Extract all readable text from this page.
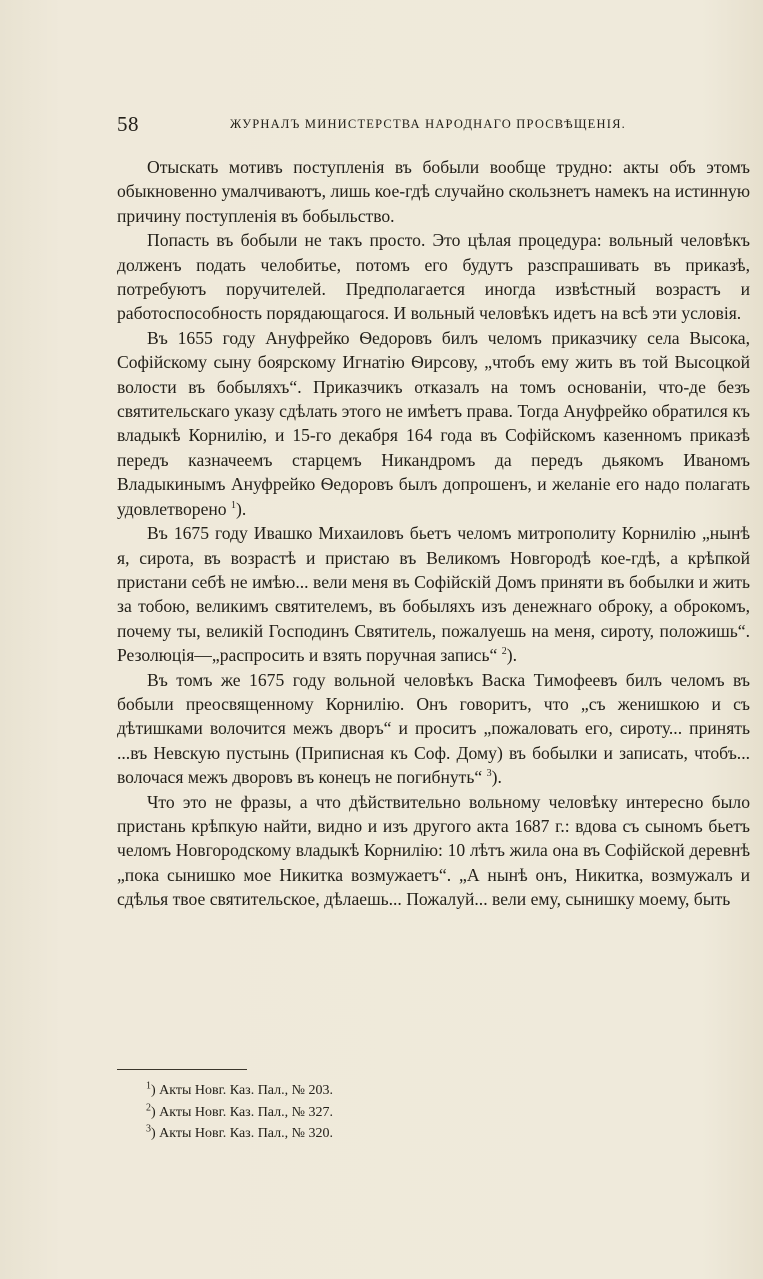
58	ЖУРНАЛЪ МИНИСТЕРСТВА НАРОДНАГО ПРОСВѢЩЕНІЯ.

Отыскать мотивъ поступленія въ бобыли вообще трудно: акты объ этомъ обыкновенно умалчиваютъ, лишь кое-гдѣ случайно скользнетъ намекъ на истинную причину поступленія въ бобыльство.

Попасть въ бобыли не такъ просто. Это цѣлая процедура: вольный человѣкъ долженъ подать челобитье, потомъ его будутъ разспрашивать въ приказѣ, потребуютъ поручителей. Предполагается иногда извѣстный возрастъ и работоспособность порядающагося. И вольный человѣкъ идетъ на всѣ эти условія.

Въ 1655 году Ануфрейко Ѳедоровъ билъ челомъ приказчику села Высока, Софійскому сыну боярскому Игнатію Ѳирсову, „чтобъ ему жить въ той Высоцкой волости въ бобыляхъ“. Приказчикъ отказалъ на томъ основаніи, что-де безъ святительскаго указу сдѣлать этого не имѣетъ права. Тогда Ануфрейко обратился къ владыкѣ Корнилію, и 15-го декабря 164 года въ Софійскомъ казенномъ приказѣ передъ казначеемъ старцемъ Никандромъ да передъ дьякомъ Иваномъ Владыкинымъ Ануфрейко Ѳедоровъ былъ допрошенъ, и желаніе его надо полагать удовлетворено $^1$).

Въ 1675 году Ивашко Михаиловъ бьетъ челомъ митрополиту Корнилію „нынѣ я, сирота, въ возрастѣ и пристаю въ Великомъ Новгородѣ кое-гдѣ, а крѣпкой пристани себѣ не имѣю... вели меня въ Софійскій Домъ приняти въ бобылки и жить за тобою, великимъ святителемъ, въ бобыляхъ изъ денежнаго оброку, а оброкомъ, почему ты, великій Господинъ Святитель, пожалуешь на меня, сироту, положишь“. Резолюція—„распросить и взять поручная запись“ $^2$).

Въ томъ же 1675 году вольной человѣкъ Васка Тимофеевъ билъ челомъ въ бобыли преосвященному Корнилію. Онъ говоритъ, что „съ женишкою и съ дѣтишками волочится межъ дворъ“ и проситъ „пожаловать его, сироту... принять ...въ Невскую пустынь (Приписная къ Соф. Дому) въ бобылки и записать, чтобъ... волочася межъ дворовъ въ конецъ не погибнуть“ $^3$).

Что это не фразы, а что дѣйствительно вольному человѣку интересно было пристань крѣпкую найти, видно и изъ другого акта 1687 г.: вдова съ сыномъ бьетъ челомъ Новгородскому владыкѣ Корнилію: 10 лѣтъ жила она въ Софійской деревнѣ „пока сынишко мое Никитка возмужаетъ“. „А нынѣ онъ, Никитка, возмужалъ и сдѣлья твое святительское, дѣлаешь... Пожалуй... вели ему, сынишку моему, быть

$^1$) Акты Новг. Каз. Пал., № 203.
$^2$) Акты Новг. Каз. Пал., № 327.
$^3$) Акты Новг. Каз. Пал., № 320.
